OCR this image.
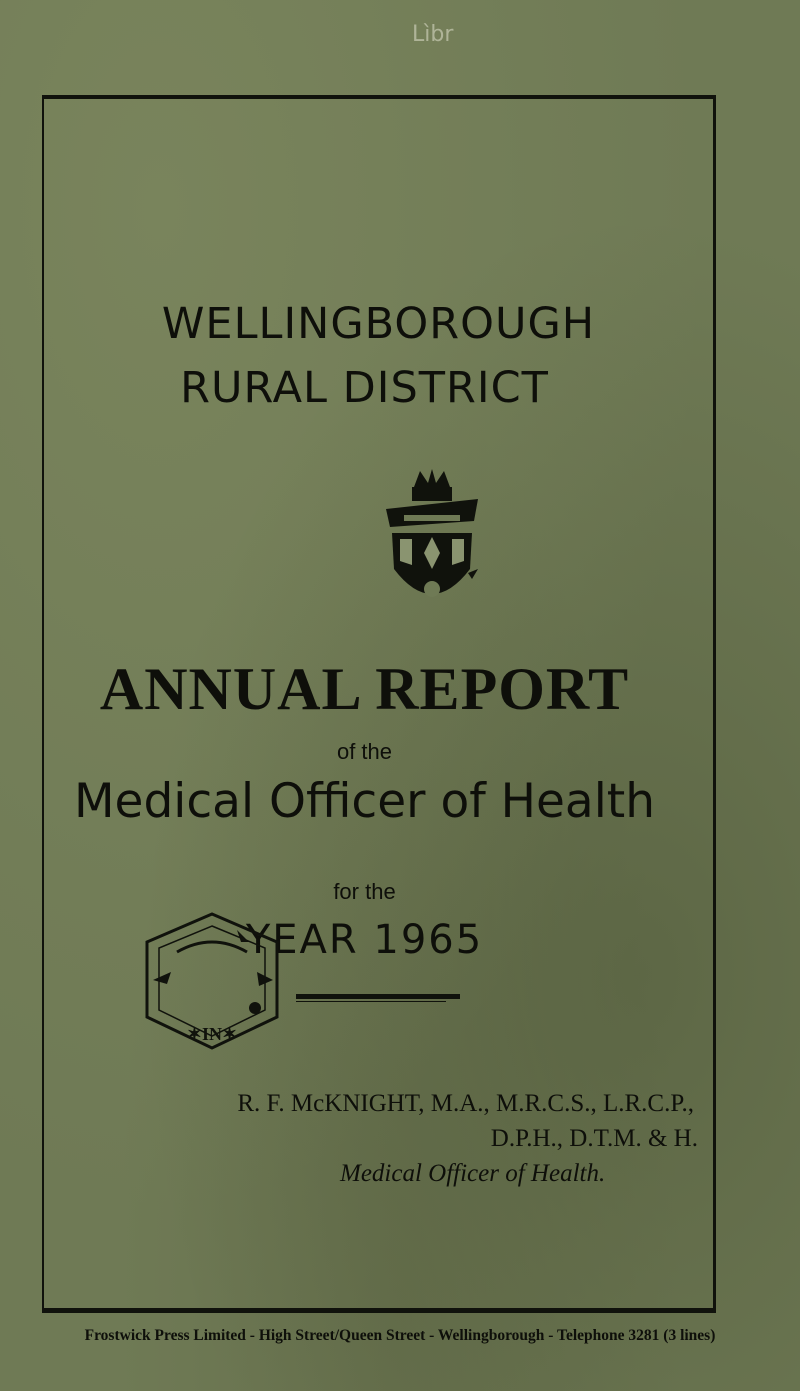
Lìbr
WELLINGBOROUGH
RURAL DISTRICT
ANNUAL REPORT
of the
Medical Officer of Health
for the
YEAR 1965
✶IN✶
R. F. McKNIGHT, M.A., M.R.C.S., L.R.C.P.,
D.P.H., D.T.M. & H.
Medical Officer of Health.
Frostwick Press Limited - High Street/Queen Street - Wellingborough - Telephone 3281 (3 lines)
